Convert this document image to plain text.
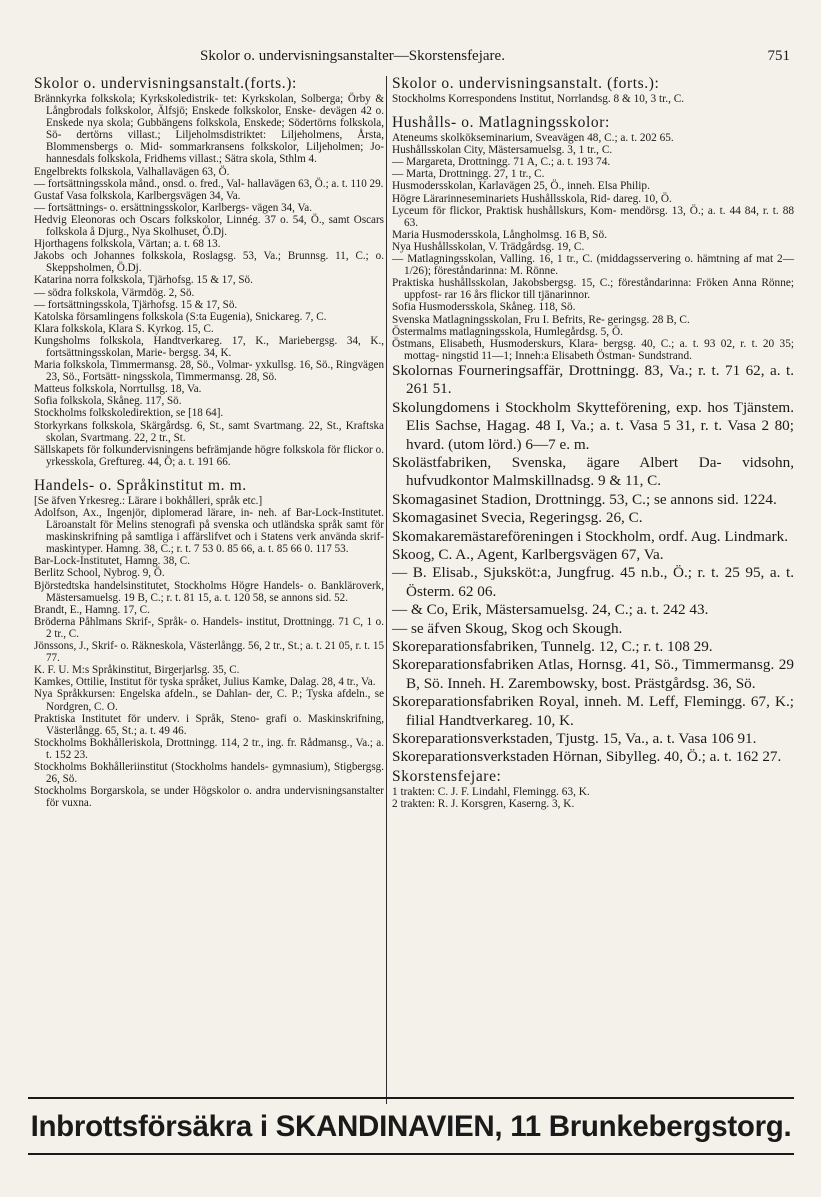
Skolor o. undervisningsanstalter—Skorstensfejare.	751
Skolor o. undervisningsanstalt.(forts.):
Brännkyrka folkskola; Kyrkskoledistrik- tet: Kyrkskolan, Solberga; Örby & Långbrodals folkskolor, Älfsjö; Enskede folkskolor, Enske- devägen 42 o. Enskede nya skola; Gubbängens folkskola, Enskede; Södertörns folkskola, Sö- dertörns villast.; Liljeholmsdistriktet: Liljeholmens, Årsta, Blommensbergs o. Mid- sommarkransens folkskolor, Liljeholmen; Jo- hannesdals folkskola, Fridhems villast.; Sätra skola, Sthlm 4.
Engelbrekts folkskola, Valhallavägen 63, Ö.
— fortsättningsskola månd., onsd. o. fred., Val- hallavägen 63, Ö.; a. t. 110 29.
Gustaf Vasa folkskola, Karlbergsvägen 34, Va.
— fortsättnings- o. ersättningsskolor, Karlbergs- vägen 34, Va.
Hedvig Eleonoras och Oscars folkskolor, Linnég. 37 o. 54, Ö., samt Oscars folkskola å Djurg., Nya Skolhuset, Ö.Dj.
Hjorthagens folkskola, Värtan; a. t. 68 13.
Jakobs och Johannes folkskola, Roslagsg. 53, Va.; Brunnsg. 11, C.; o. Skeppsholmen, Ö.Dj.
Katarina norra folkskola, Tjärhofsg. 15 & 17, Sö.
— södra folkskola, Värmdög. 2, Sö.
— fortsättningsskola, Tjärhofsg. 15 & 17, Sö.
Katolska församlingens folkskola (S:ta Eugenia), Snickareg. 7, C.
Klara folkskola, Klara S. Kyrkog. 15, C.
Kungsholms folkskola, Handtverkareg. 17, K., Mariebergsg. 34, K., fortsättningsskolan, Marie- bergsg. 34, K.
Maria folkskola, Timmermansg. 28, Sö., Volmar- yxkullsg. 16, Sö., Ringvägen 23, Sö., Fortsätt- ningsskola, Timmermansg. 28, Sö.
Matteus folkskola, Norrtullsg. 18, Va.
Sofia folkskola, Skåneg. 117, Sö.
Stockholms folkskoledirektion, se [18 64].
Storkyrkans folkskola, Skärgårdsg. 6, St., samt Svartmang. 22, St., Kraftska skolan, Svartmang. 22, 2 tr., St.
Sällskapets för folkundervisningens befrämjande högre folkskola för flickor o. yrkesskola, Greftureg. 44, Ö; a. t. 191 66.
Handels- o. Språkinstitut m. m.
[Se äfven Yrkesreg.: Lärare i bokhålleri, språk etc.]
Adolfson, Ax., Ingenjör, diplomerad lärare, in- neh. af Bar-Lock-Institutet. Läroanstalt för Melins stenografi på svenska och utländska språk samt för maskinskrifning på samtliga i affärslifvet och i Statens verk använda skrif- maskintyper. Hamng. 38, C.; r. t. 7 53 0. 85 66, a. t. 85 66 0. 117 53.
Bar-Lock-Institutet, Hamng. 38, C.
Berlitz School, Nybrog. 9, Ö.
Björstedtska handelsinstitutet, Stockholms Högre Handels- o. Bankläroverk, Mästersamuelsg. 19 B, C.; r. t. 81 15, a. t. 120 58, se annons sid. 52.
Brandt, E., Hamng. 17, C.
Bröderna Påhlmans Skrif-, Språk- o. Handels- institut, Drottningg. 71 C, 1 o. 2 tr., C.
Jönssons, J., Skrif- o. Räkneskola, Västerlångg. 56, 2 tr., St.; a. t. 21 05, r. t. 15 77.
K. F. U. M:s Språkinstitut, Birgerjarlsg. 35, C.
Kamkes, Ottilie, Institut för tyska språket, Julius Kamke, Dalag. 28, 4 tr., Va.
Nya Språkkursen: Engelska afdeln., se Dahlan- der, C. P.; Tyska afdeln., se Nordgren, C. O.
Praktiska Institutet för underv. i Språk, Steno- grafi o. Maskinskrifning, Västerlångg. 65, St.; a. t. 49 46.
Stockholms Bokhålleriskola, Drottningg. 114, 2 tr., ing. fr. Rådmansg., Va.; a. t. 152 23.
Stockholms Bokhålleriinstitut (Stockholms handels- gymnasium), Stigbergsg. 26, Sö.
Stockholms Borgarskola, se under Högskolor o. andra undervisningsanstalter för vuxna.
Skolor o. undervisningsanstalt. (forts.):
Stockholms Korrespondens Institut, Norrlandsg. 8 & 10, 3 tr., C.
Hushålls- o. Matlagningsskolor:
Ateneums skolkökseminarium, Sveavägen 48, C.; a. t. 202 65.
Hushållsskolan City, Mästersamuelsg. 3, 1 tr., C.
— Margareta, Drottningg. 71 A, C.; a. t. 193 74.
— Marta, Drottningg. 27, 1 tr., C.
Husmodersskolan, Karlavägen 25, Ö., inneh. Elsa Philip.
Högre Lärarinneseminariets Hushållsskola, Rid- dareg. 10, Ö.
Lyceum för flickor, Praktisk hushållskurs, Kom- mendörsg. 13, Ö.; a. t. 44 84, r. t. 88 63.
Maria Husmodersskola, Långholmsg. 16 B, Sö.
Nya Hushållsskolan, V. Trädgårdsg. 19, C.
— Matlagningsskolan, Valling. 16, 1 tr., C. (middagsservering o. hämtning af mat 2—1/26); föreståndarinna: M. Rönne.
Praktiska hushållsskolan, Jakobsbergsg. 15, C.; föreståndarinna: Fröken Anna Rönne; uppfost- rar 16 års flickor till tjänarinnor.
Sofia Husmodersskola, Skåneg. 118, Sö.
Svenska Matlagningsskolan, Fru I. Befrits, Re- geringsg. 28 B, C.
Östermalms matlagningsskola, Humlegårdsg. 5, Ö.
Östmans, Elisabeth, Husmoderskurs, Klara- bergsg. 40, C.; a. t. 93 02, r. t. 20 35; mottag- ningstid 11—1; Inneh:a Elisabeth Östman- Sundstrand.
Skolornas Fourneringsaffär, Drottningg. 83, Va.; r. t. 71 62, a. t. 261 51.
Skolungdomens i Stockholm Skytteförening, exp. hos Tjänstem. Elis Sachse, Hagag. 48 I, Va.; a. t. Vasa 5 31, r. t. Vasa 2 80; hvard. (utom lörd.) 6—7 e. m.
Skolästfabriken, Svenska, ägare Albert Da- vidsohn, hufvudkontor Malmskillnadsg. 9 & 11, C.
Skomagasinet Stadion, Drottningg. 53, C.; se annons sid. 1224.
Skomagasinet Svecia, Regeringsg. 26, C.
Skomakaremästareföreningen i Stockholm, ordf. Aug. Lindmark.
Skoog, C. A., Agent, Karlbergsvägen 67, Va.
— B. Elisab., Sjuksköt:a, Jungfrug. 45 n.b., Ö.; r. t. 25 95, a. t. Österm. 62 06.
— & Co, Erik, Mästersamuelsg. 24, C.; a. t. 242 43.
— se äfven Skoug, Skog och Skough.
Skoreparationsfabriken, Tunnelg. 12, C.; r. t. 108 29.
Skoreparationsfabriken Atlas, Hornsg. 41, Sö., Timmermansg. 29 B, Sö. Inneh. H. Zarembowsky, bost. Prästgårdsg. 36, Sö.
Skoreparationsfabriken Royal, inneh. M. Leff, Flemingg. 67, K.; filial Handtverkareg. 10, K.
Skoreparationsverkstaden, Tjustg. 15, Va., a. t. Vasa 106 91.
Skoreparationsverkstaden Hörnan, Sibylleg. 40, Ö.; a. t. 162 27.
Skorstensfejare:
1 trakten: C. J. F. Lindahl, Flemingg. 63, K.
2 trakten: R. J. Korsgren, Kaserng. 3, K.
Inbrottsförsäkra i SKANDINAVIEN, 11 Brunkebergstorg.
